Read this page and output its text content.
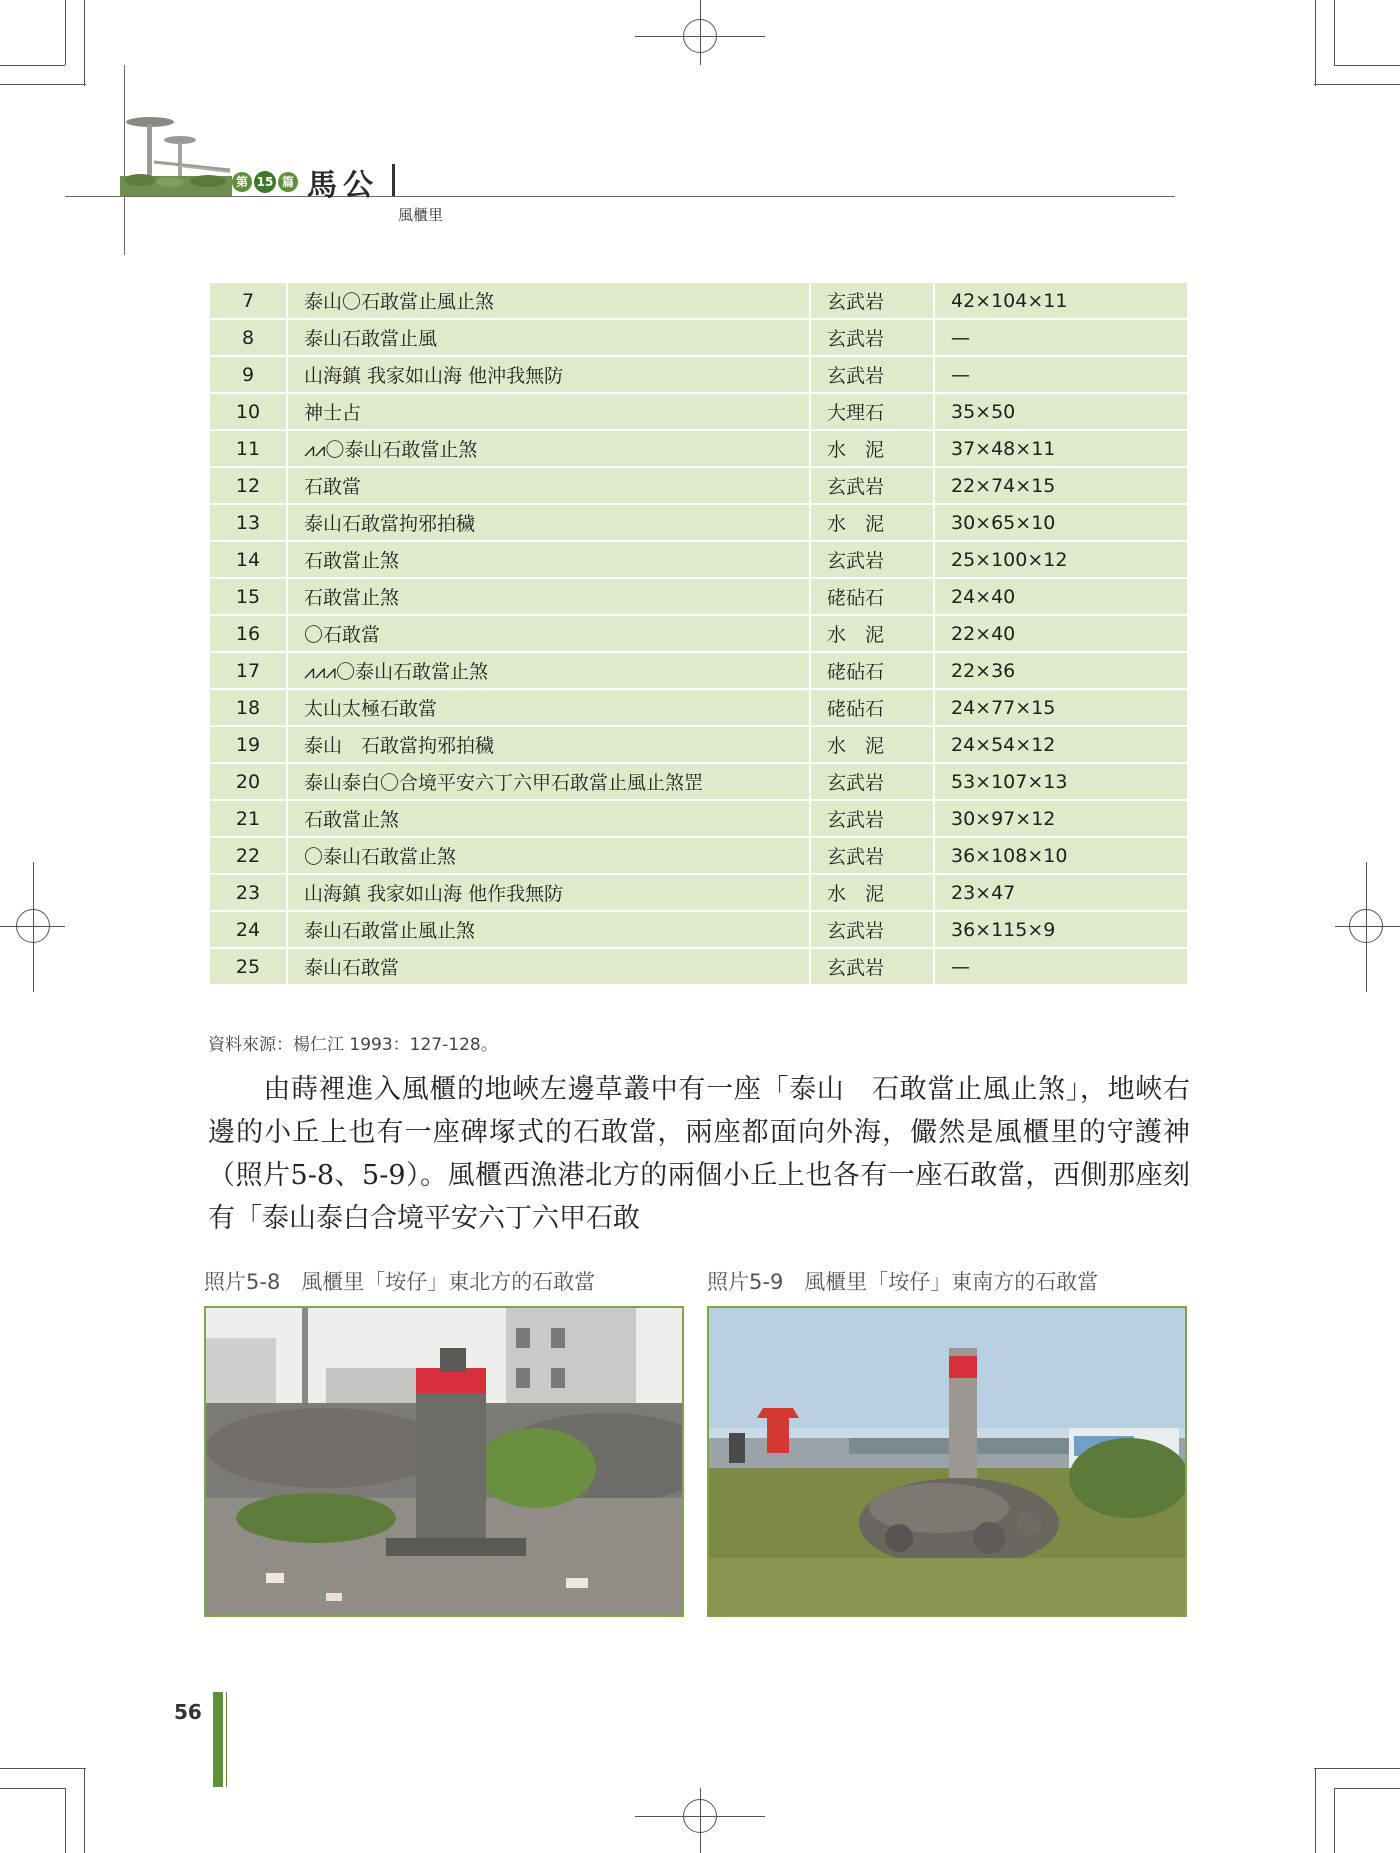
第 15 篇 馬公
風櫃里
7	泰山〇石敢當止風止煞	玄武岩	42×104×11
8	泰山石敢當止風	玄武岩	—
9	山海鎮 我家如山海 他沖我無防	玄武岩	—
10	神士占	大理石	35×50
11	⩘⩘〇泰山石敢當止煞	水　泥	37×48×11
12	石敢當	玄武岩	22×74×15
13	泰山石敢當拘邪拍穢	水　泥	30×65×10
14	石敢當止煞	玄武岩	25×100×12
15	石敢當止煞	硓砧石	24×40
16	〇石敢當	水　泥	22×40
17	⩘⩘⩘〇泰山石敢當止煞	硓砧石	22×36
18	太山太極石敢當	硓砧石	24×77×15
19	泰山　石敢當拘邪拍穢	水　泥	24×54×12
20	泰山泰白〇合境平安六丁六甲石敢當止風止煞罡	玄武岩	53×107×13
21	石敢當止煞	玄武岩	30×97×12
22	〇泰山石敢當止煞	玄武岩	36×108×10
23	山海鎮 我家如山海 他作我無防	水　泥	23×47
24	泰山石敢當止風止煞	玄武岩	36×115×9
25	泰山石敢當	玄武岩	—
資料來源：楊仁江 1993：127-128。
　　由蒔裡進入風櫃的地峽左邊草叢中有一座「泰山　石敢當止風止煞」，地峽右邊的小丘上也有一座碑塚式的石敢當，兩座都面向外海，儼然是風櫃里的守護神（照片5-8、5-9）。風櫃西漁港北方的兩個小丘上也各有一座石敢當，西側那座刻有「泰山泰白合境平安六丁六甲石敢
照片5-8　風櫃里「垵仔」東北方的石敢當	照片5-9　風櫃里「垵仔」東南方的石敢當
56
